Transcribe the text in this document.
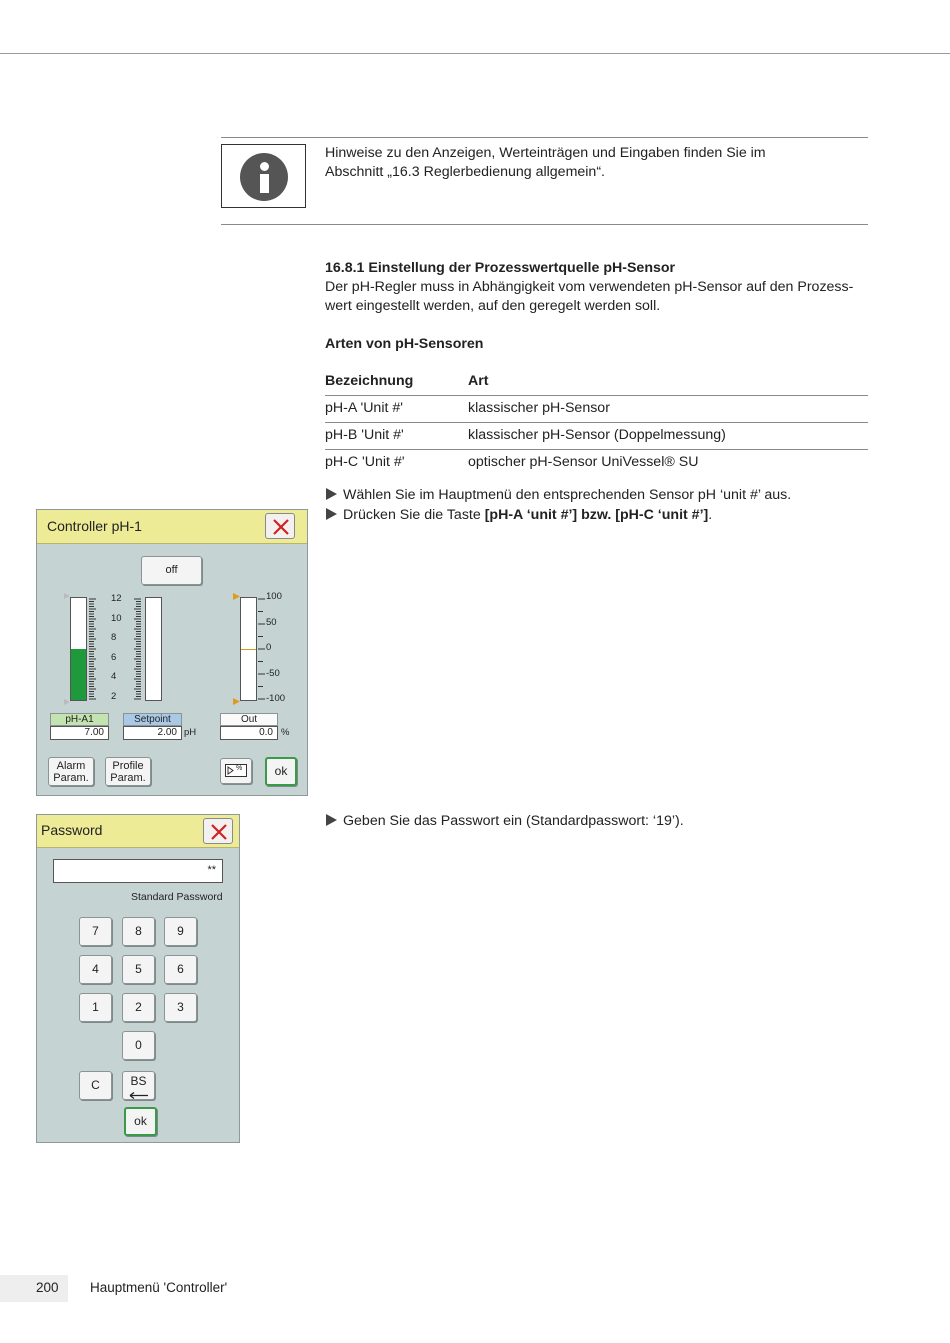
Hinweise zu den Anzeigen, Werteinträgen und Eingaben finden Sie im
Abschnitt „16.3 Reglerbedienung allgemein“.
16.8.1 Einstellung der Prozesswertquelle pH-Sensor
Der pH-Regler muss in Abhängigkeit vom verwendeten pH-Sensor auf den Prozess-
wert eingestellt werden, auf den geregelt werden soll.
Arten von pH-Sensoren
Bezeichnung	Art
pH-A 'Unit #'	klassischer pH-Sensor
pH-B 'Unit #'	klassischer pH-Sensor (Doppelmessung)
pH-C 'Unit #'	optischer pH-Sensor UniVessel® SU
Wählen Sie im Hauptmenü den entsprechenden Sensor pH ‘unit #’ aus.
Drücken Sie die Taste [pH-A ‘unit #’] bzw. [pH-C ‘unit #’].
Geben Sie das Passwort ein (Standardpasswort: ‘19’).
Controller pH-1
off
12
10
8
6
4
2
100
50
0
-50
-100
pH-A1
7.00
Setpoint
2.00 pH
Out
0.0 %
Alarm
Param.
Profile
Param.
%	ok
Password
**
Standard Password
7	8	9
4	5	6
1	2	3
0
C	BS
ok
200 Hauptmenü 'Controller'
